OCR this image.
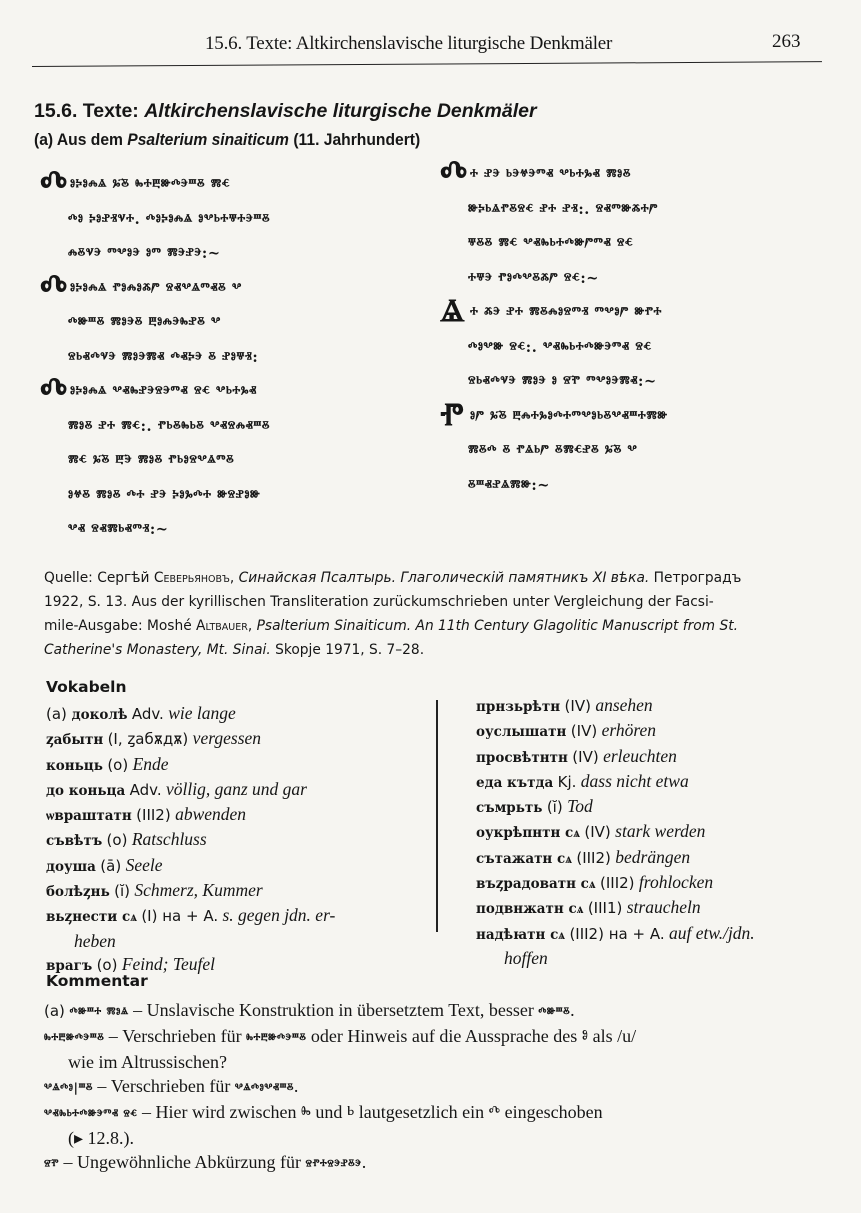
15.6. Texte: Altkirchenslavische liturgische Denkmäler	263
15.6. Texte: Altkirchenslavische liturgische Denkmäler
(a) Aus dem Psalterium sinaiticum (11. Jahrhundert)
Ⰴ ⱁⰽⱁⰾⱑ ⰳ҃ⰻ ⰸⰰⰱⱆⰴⰵⱎⰻ ⰿⱔ
ⰴⱁ ⰽⱁⱀⱐⱌⰰ. ⰴⱁⰽⱁⰾⱑ ⱁⰲⱃⰰⱋⰰⰵⱎⰻ
ⰾⰻⱌⰵ ⱅⰲⱁⰵ ⱁⱅ ⰿⰵⱀⰵ:~
Ⰴ ⱁⰽⱁⰾⱑ ⱂⱁⰾⱁⰶⱓ ⱄⱏⰲⱑⱅⱏⰻ ⰲ
ⰴⱆⱎⰻ ⰿⱁⰵⰻ ⰱⱁⰾⰵⰸⱀⰻ ⰲ
ⱄⱃⱏⰴⱌⰵ ⰿⱁⰵⰿⱏ ⰴⱏⰽⰵ ⰻ ⱀⱁⱋⱐ:
Ⰴ ⱁⰽⱁⰾⱑ ⰲⱏⰸⱀⰵⱄⰵⱅⱏ ⱄⱔ ⰲⱃⰰⰳⱏ
ⰿⱁⰻ ⱀⰰ ⰿⱔ:. ⱂⱃⰻⰸⱃⰻ ⰲⱏⱄⰾⱏⱎⰻ
ⰿⱔ ⰳ҃ⰻ ⰱ҃ⰵ ⰿⱁⰻ ⱂⱃⱁⱄⰲⱑⱅⰻ
ⱁⱍⰻ ⰿⱁⰻ ⰴⰰ ⱀⰵ ⰽⱁⰳⰴⰰ ⱆⱄⱀⱁⱆ
ⰲⱏ ⱄⱏⰿⱃⱏⱅⱐ:~
Ⰴ ⰰ ⱀⰵ ⱃⰵⱍⰵⱅⱏ ⰲⱃⰰⰳⱏ ⰿⱁⰻ
ⱆⰽⱃⱑⱂⰻⱄⱔ ⱀⰰ ⱀⱐ:. ⱄⱏⱅⱆⰶⰰⱓ
ⱋⰻⰻ ⰿⱔ ⰲⱏⰸⱃⰰⰴⱆⱓⱅⱏ ⱄⱔ
ⰰⱋⰵ ⱂⱁⰴⰲⰻⰶⱓ ⱄⱔ:~
Ⱑ ⰰ ⰶⰵ ⱀⰰ ⰿⰻⰾⱁⱄⱅⱐ ⱅⰲⱁⱓ ⱆⱂⰰ
ⰴⱁⰲⱆ ⱄⱔ:. ⰲⱏⰸⱃⰰⰴⱆⰵⱅⱏ ⱄⱔ
ⱄⱃⱏⰴⱌⰵ ⰿⱁⰵ ⱁ ⱄ҃ⱂ ⱅⰲⱁⰵⰿⱏ:~
Ⱂ ⱁⱓ ⰳ҃ⰻ ⰱⰾⰰⰳⱁⰴⰰⱅⰲⱁⱃⰻⰲⱏⱎⰰⰿⱆ
ⰿⰻⰴ ⰻ ⱂⱑⱃⱓ ⰻⰿⱔⱀⰻ ⰳ҃ⰻ ⰲ
ⰻⱎⱏⱀⱑⰿⱆ:~
Quelle: Сергѣй Северьяновъ, Синайская Псалтырь. Глаголическій памятникъ XI вѣка. Петроградъ
1922, S. 13. Aus der kyrillischen Transliteration zurückumschrieben unter Vergleichung der Facsi-
mile-Ausgabe: Moshé Altbauer, Psalterium Sinaiticum. An 11th Century Glagolitic Manuscript from St.
Catherine's Monastery, Mt. Sinai. Skopje 1971, S. 7–28.
Vokabeln
(a) доколѣ Adv. wie lange
ȥабытн (I, ȥабѫдѫ) vergessen
коньць (o) Ende
до коньца Adv. völlig, ganz und gar
ѡвраштатн (III2) abwenden
съвѣтъ (o) Ratschluss
доуша (ā) Seele
болѣȥнь (ĭ) Schmerz, Kummer
вьȥнести сѧ (I) на + A. s. gegen jdn. er-
heben
врагъ (o) Feind; Teufel
прнзьрѣтн (IV) ansehen
оуслышатн (IV) erhören
просвѣтнтн (IV) erleuchten
еда кътда Kj. dass nicht etwa
съмрьть (ĭ) Tod
оукрѣпнтн сѧ (IV) stark werden
сътажатн сѧ (III2) bedrängen
въȥрадоватн сѧ (III2) frohlocken
подвнжатн сѧ (III1) straucheln
надѣꙗтн сѧ (III2) на + A. auf etw./jdn.
hoffen
Kommentar
(a) ⰴⱆⱎⰰ ⰿⱁⱑ – Unslavische Konstruktion in übersetztem Text, besser ⰴⱆⱎⰻ.
ⰸⰰⰱⱆⰴⰵⱎⰻ – Verschrieben für ⰸⰰⰱⱆⰴⰵⱎⰻ oder Hinweis auf die Aussprache des ⱁ als /u/
wie im Altrussischen?
ⰲⱑⰴⱁ|ⱎⰻ – Verschrieben für ⰲⱑⰴⱁⰲⱏⱎⰻ.
ⰲⱏⰸⱃⰰⰴⱆⰵⱅⱏ ⱄⱔ – Hier wird zwischen ⰸ und ⱃ lautgesetzlich ein ⰴ eingeschoben
(▸ 12.8.).
ⱄ҃ⱂ – Ungewöhnliche Abkürzung für ⱄⱂⰰⱄⰵⱀⰻⰵ.
